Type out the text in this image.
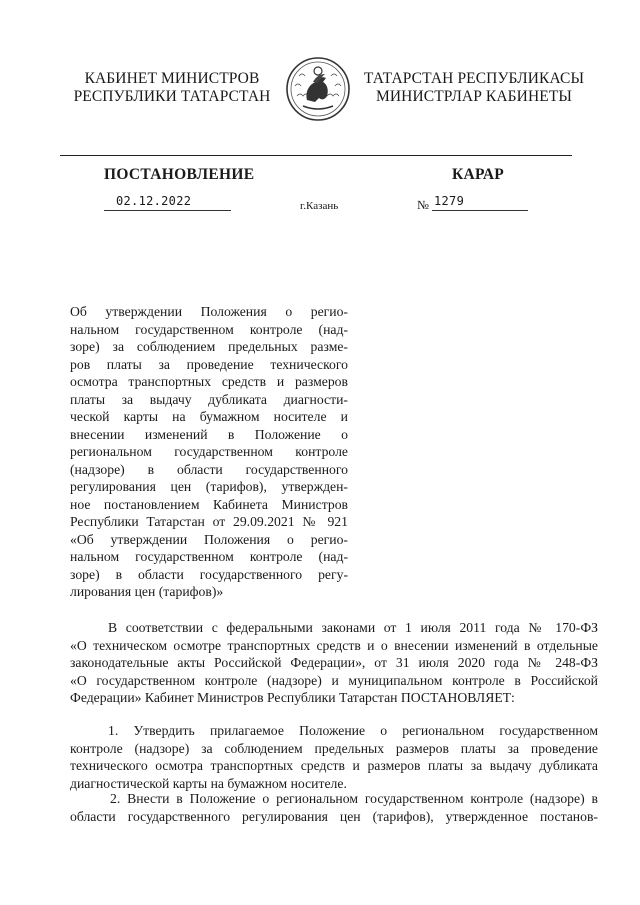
КАБИНЕТ МИНИСТРОВ
РЕСПУБЛИКИ ТАТАРСТАН
ТАТАРСТАН РЕСПУБЛИКАСЫ
МИНИСТРЛАР КАБИНЕТЫ
ПОСТАНОВЛЕНИЕ	КАРАР
02.12.2022	г.Казань	№ 1279
Об утверждении Положения о регио-
нальном государственном контроле (над-
зоре) за соблюдением предельных разме-
ров платы за проведение технического
осмотра транспортных средств и размеров
платы за выдачу дубликата диагности-
ческой карты на бумажном носителе и
внесении изменений в Положение о
региональном государственном контроле
(надзоре) в области государственного
регулирования цен (тарифов), утвержден-
ное постановлением Кабинета Министров
Республики Татарстан от 29.09.2021 № 921
«Об утверждении Положения о регио-
нальном государственном контроле (над-
зоре) в области государственного регу-
лирования цен (тарифов)»
В соответствии с федеральными законами от 1 июля 2011 года № 170-ФЗ
«О техническом осмотре транспортных средств и о внесении изменений в отдельные
законодательные акты Российской Федерации», от 31 июля 2020 года № 248-ФЗ
«О государственном контроле (надзоре) и муниципальном контроле в Российской
Федерации» Кабинет Министров Республики Татарстан ПОСТАНОВЛЯЕТ:
1. Утвердить прилагаемое Положение о региональном государственном
контроле (надзоре) за соблюдением предельных размеров платы за проведение
технического осмотра транспортных средств и размеров платы за выдачу дубликата
диагностической карты на бумажном носителе.
2. Внести в Положение о региональном государственном контроле (надзоре) в
области государственного регулирования цен (тарифов), утвержденное постанов-
